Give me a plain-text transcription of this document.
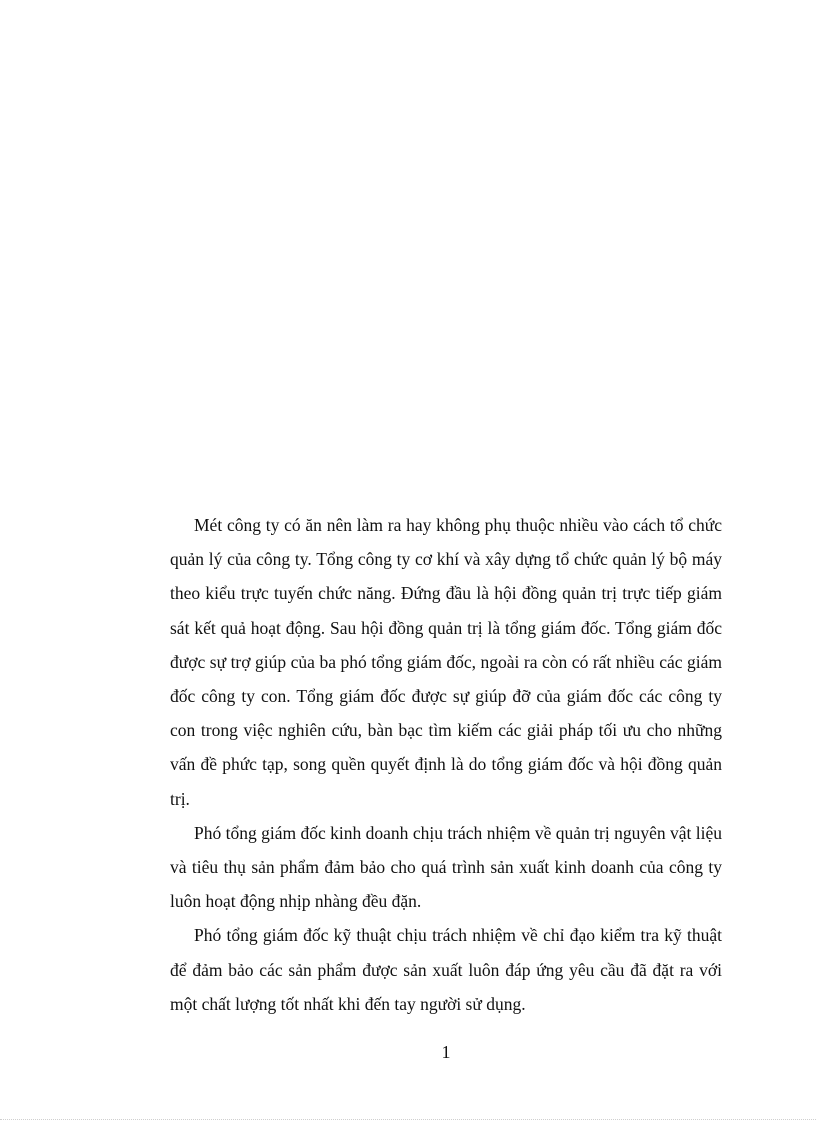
Mét công ty có ăn nên làm ra hay không phụ thuộc nhiều vào cách tổ chức quản lý của công ty. Tổng công ty cơ khí và xây dựng tổ chức quản lý bộ máy theo kiểu trực tuyến chức năng. Đứng đầu là hội đồng quản trị trực tiếp giám sát kết quả hoạt động. Sau hội đồng quản trị là tổng giám đốc. Tổng giám đốc được sự trợ giúp của ba phó tổng giám đốc, ngoài ra còn có rất nhiều các giám đốc công ty con. Tổng giám đốc được sự giúp đỡ của giám đốc các công ty con trong việc nghiên cứu, bàn bạc tìm kiếm các giải pháp tối ưu cho những vấn đề phức tạp, song quền quyết định là do tổng giám đốc và hội đồng quản trị.

Phó tổng giám đốc kinh doanh chịu trách nhiệm về quản trị nguyên vật liệu và tiêu thụ sản phẩm đảm bảo cho quá trình sản xuất kinh doanh của công ty luôn hoạt động nhịp nhàng đều đặn.

Phó tổng giám đốc kỹ thuật chịu trách nhiệm về chỉ đạo kiểm tra kỹ thuật để đảm bảo các sản phẩm được sản xuất luôn đáp ứng yêu cầu đã đặt ra với một chất lượng tốt nhất khi đến tay người sử dụng.

1
